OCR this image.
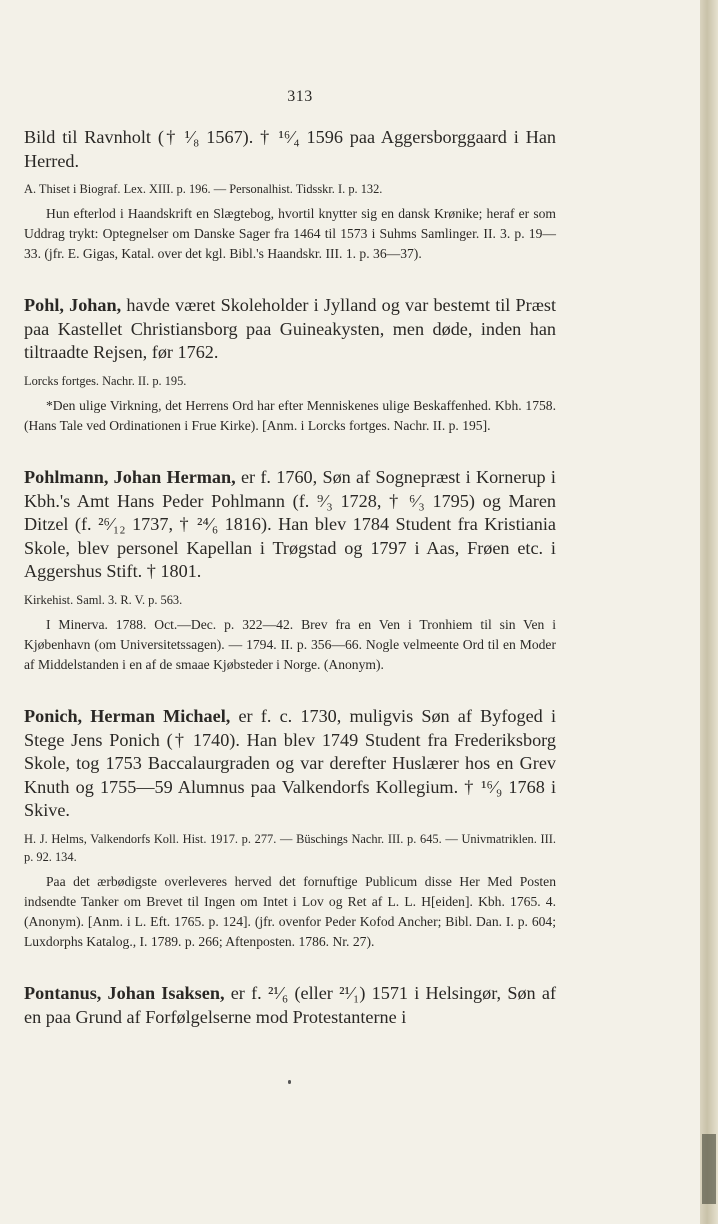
313

Bild til Ravnholt († ¹⁄₈ 1567). † ¹⁶⁄₄ 1596 paa Aggersborggaard i Han Herred.

A. Thiset i Biograf. Lex. XIII. p. 196. — Personalhist. Tidsskr. I. p. 132.

Hun efterlod i Haandskrift en Slægtebog, hvortil knytter sig en dansk Krønike; heraf er som Uddrag trykt: Optegnelser om Danske Sager fra 1464 til 1573 i Suhms Samlinger. II. 3. p. 19—33. (jfr. E. Gigas, Katal. over det kgl. Bibl.'s Haandskr. III. 1. p. 36—37).

Pohl, Johan, havde været Skoleholder i Jylland og var bestemt til Præst paa Kastellet Christiansborg paa Guineakysten, men døde, inden han tiltraadte Rejsen, før 1762.

Lorcks fortges. Nachr. II. p. 195.

*Den ulige Virkning, det Herrens Ord har efter Menniskenes ulige Beskaffenhed. Kbh. 1758. (Hans Tale ved Ordinationen i Frue Kirke). [Anm. i Lorcks fortges. Nachr. II. p. 195].

Pohlmann, Johan Herman, er f. 1760, Søn af Sognepræst i Kornerup i Kbh.'s Amt Hans Peder Pohlmann (f. ⁹⁄₃ 1728, † ⁶⁄₃ 1795) og Maren Ditzel (f. ²⁶⁄₁₂ 1737, † ²⁴⁄₆ 1816). Han blev 1784 Student fra Kristiania Skole, blev personel Kapellan i Trøgstad og 1797 i Aas, Frøen etc. i Aggershus Stift. † 1801.

Kirkehist. Saml. 3. R. V. p. 563.

I Minerva. 1788. Oct.—Dec. p. 322—42. Brev fra en Ven i Tronhiem til sin Ven i Kjøbenhavn (om Universitetssagen). — 1794. II. p. 356—66. Nogle velmeente Ord til en Moder af Middelstanden i en af de smaae Kjøbsteder i Norge. (Anonym).

Ponich, Herman Michael, er f. c. 1730, muligvis Søn af Byfoged i Stege Jens Ponich († 1740). Han blev 1749 Student fra Frederiksborg Skole, tog 1753 Baccalaurgraden og var derefter Huslærer hos en Grev Knuth og 1755—59 Alumnus paa Valkendorfs Kollegium. † ¹⁶⁄₉ 1768 i Skive.

H. J. Helms, Valkendorfs Koll. Hist. 1917. p. 277. — Büschings Nachr. III. p. 645. — Univmatriklen. III. p. 92. 134.

Paa det ærbødigste overleveres herved det fornuftige Publicum disse Her Med Posten indsendte Tanker om Brevet til Ingen om Intet i Lov og Ret af L. L. H[eiden]. Kbh. 1765. 4. (Anonym). [Anm. i L. Eft. 1765. p. 124]. (jfr. ovenfor Peder Kofod Ancher; Bibl. Dan. I. p. 604; Luxdorphs Katalog., I. 1789. p. 266; Aftenposten. 1786. Nr. 27).

Pontanus, Johan Isaksen, er f. ²¹⁄₆ (eller ²¹⁄₁) 1571 i Helsingør, Søn af en paa Grund af Forfølgelserne mod Protestanterne i
